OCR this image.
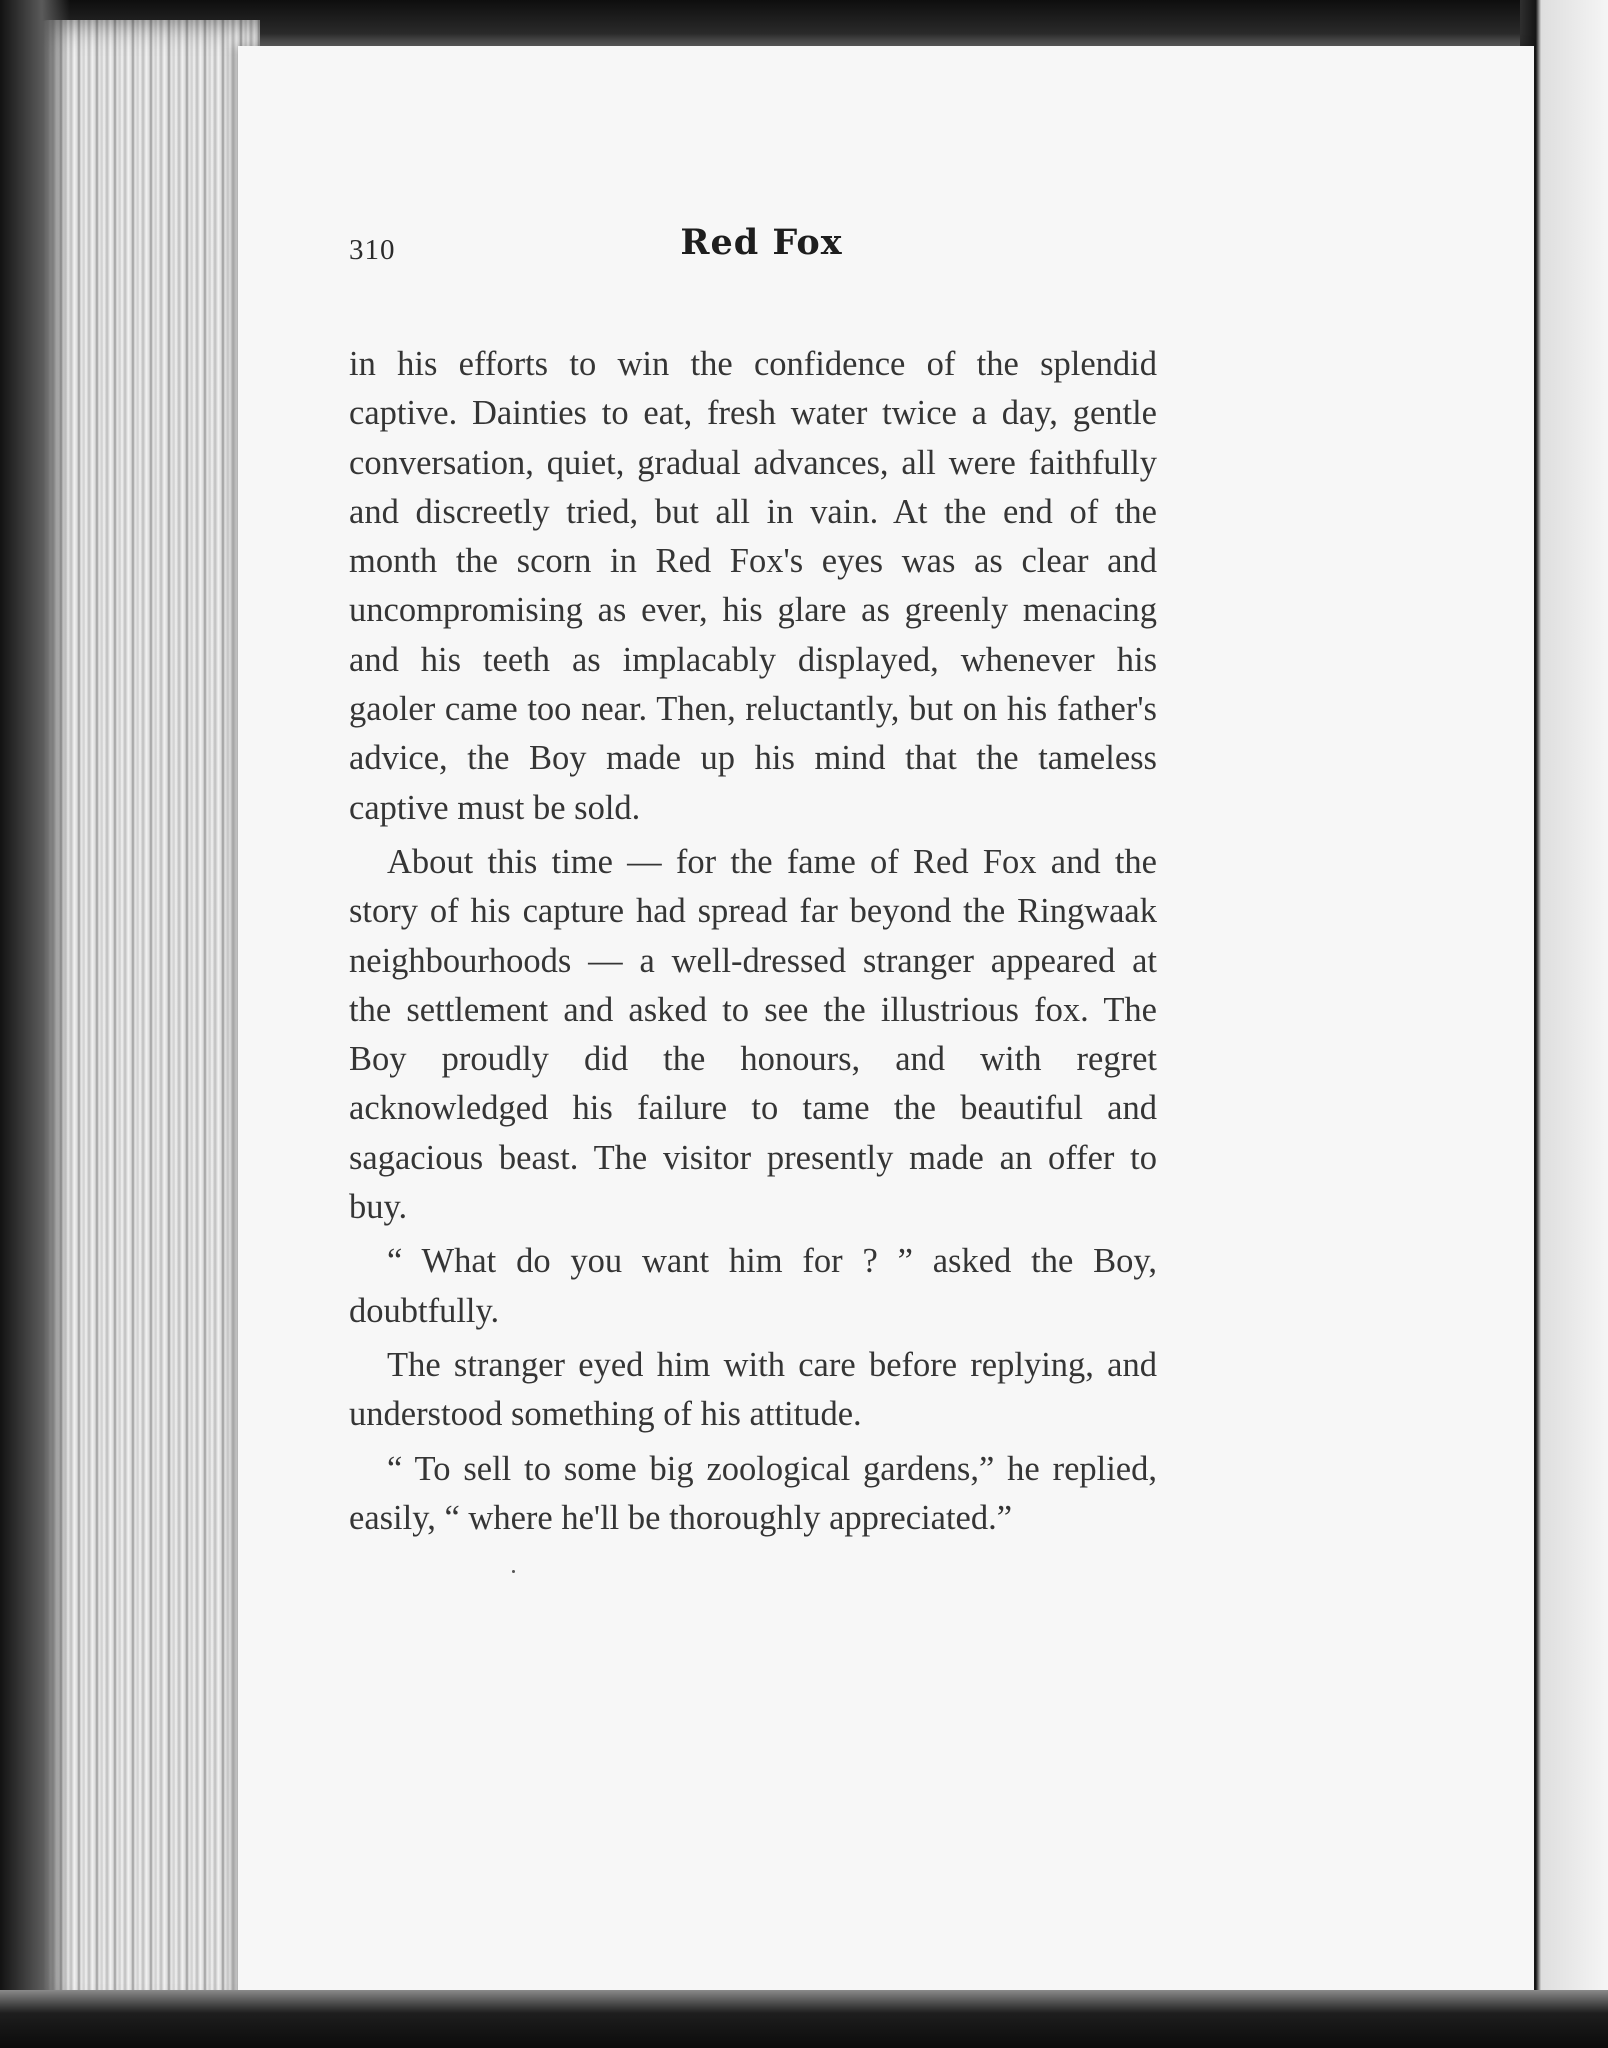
310	Red Fox

in his efforts to win the confidence of the splendid captive. Dainties to eat, fresh water twice a day, gentle conversation, quiet, gradual advances, all were faithfully and discreetly tried, but all in vain. At the end of the month the scorn in Red Fox's eyes was as clear and uncompromising as ever, his glare as greenly menacing and his teeth as implacably displayed, whenever his gaoler came too near. Then, reluctantly, but on his father's advice, the Boy made up his mind that the tameless captive must be sold.

About this time — for the fame of Red Fox and the story of his capture had spread far beyond the Ringwaak neighbourhoods — a well-dressed stranger appeared at the settlement and asked to see the illustrious fox. The Boy proudly did the honours, and with regret acknowledged his failure to tame the beautiful and sagacious beast. The visitor presently made an offer to buy.

“ What do you want him for ? ” asked the Boy, doubtfully.

The stranger eyed him with care before replying, and understood something of his attitude.

“ To sell to some big zoological gardens,” he replied, easily, “ where he'll be thoroughly appreciated.”
